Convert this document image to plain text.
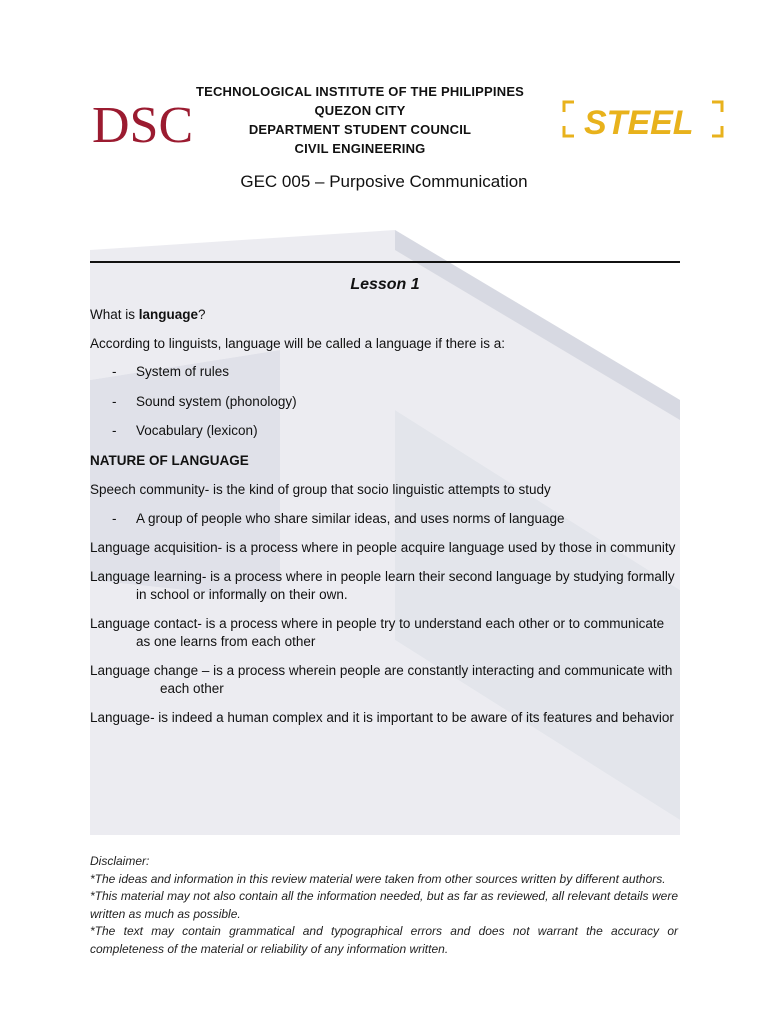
DSC
TECHNOLOGICAL INSTITUTE OF THE PHILIPPINES
QUEZON CITY
DEPARTMENT STUDENT COUNCIL
CIVIL ENGINEERING
STEEL
GEC 005 – Purposive Communication
Lesson 1
What is language?
According to linguists, language will be called a language if there is a:
-	System of rules
-	Sound system (phonology)
-	Vocabulary (lexicon)
NATURE OF LANGUAGE
Speech community- is the kind of group that socio linguistic attempts to study
-	A group of people who share similar ideas, and uses norms of language
Language acquisition- is a process where in people acquire language used by those in community
Language learning- is a process where in people learn their second language by studying formallyin school or informally on their own.
Language contact- is a process where in people try to understand each other or to communicate
as one learns from each other
Language change – is a process wherein people are constantly interacting and communicate witheach other
Language- is indeed a human complex and it is important to be aware of its features and behavior
Disclaimer:
*The ideas and information in this review material were taken from other sources written by different authors.
*This material may not also contain all the information needed, but as far as reviewed, all relevant details were written as much as possible.
*The text may contain grammatical and typographical errors and does not warrant the accuracy or completeness of the material or reliability of any information written.
